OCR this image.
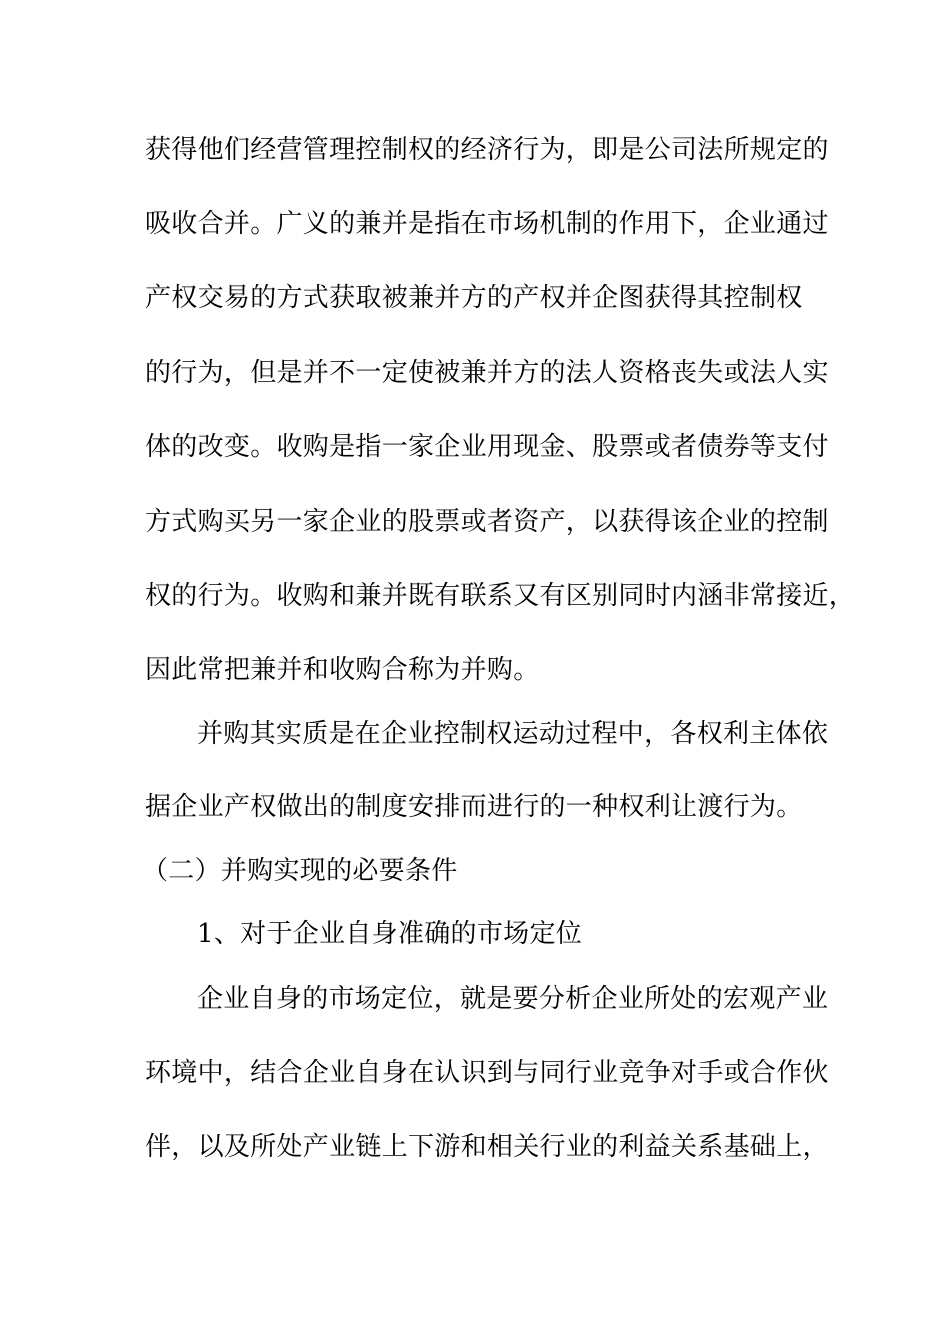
获得他们经营管理控制权的经济行为，即是公司法所规定的
吸收合并。广义的兼并是指在市场机制的作用下，企业通过
产权交易的方式获取被兼并方的产权并企图获得其控制权
的行为，但是并不一定使被兼并方的法人资格丧失或法人实
体的改变。收购是指一家企业用现金、股票或者债券等支付
方式购买另一家企业的股票或者资产，以获得该企业的控制
权的行为。收购和兼并既有联系又有区别同时内涵非常接近，
因此常把兼并和收购合称为并购。
并购其实质是在企业控制权运动过程中，各权利主体依
据企业产权做出的制度安排而进行的一种权利让渡行为。
（二）并购实现的必要条件
1、对于企业自身准确的市场定位
企业自身的市场定位，就是要分析企业所处的宏观产业
环境中，结合企业自身在认识到与同行业竞争对手或合作伙
伴，以及所处产业链上下游和相关行业的利益关系基础上，
